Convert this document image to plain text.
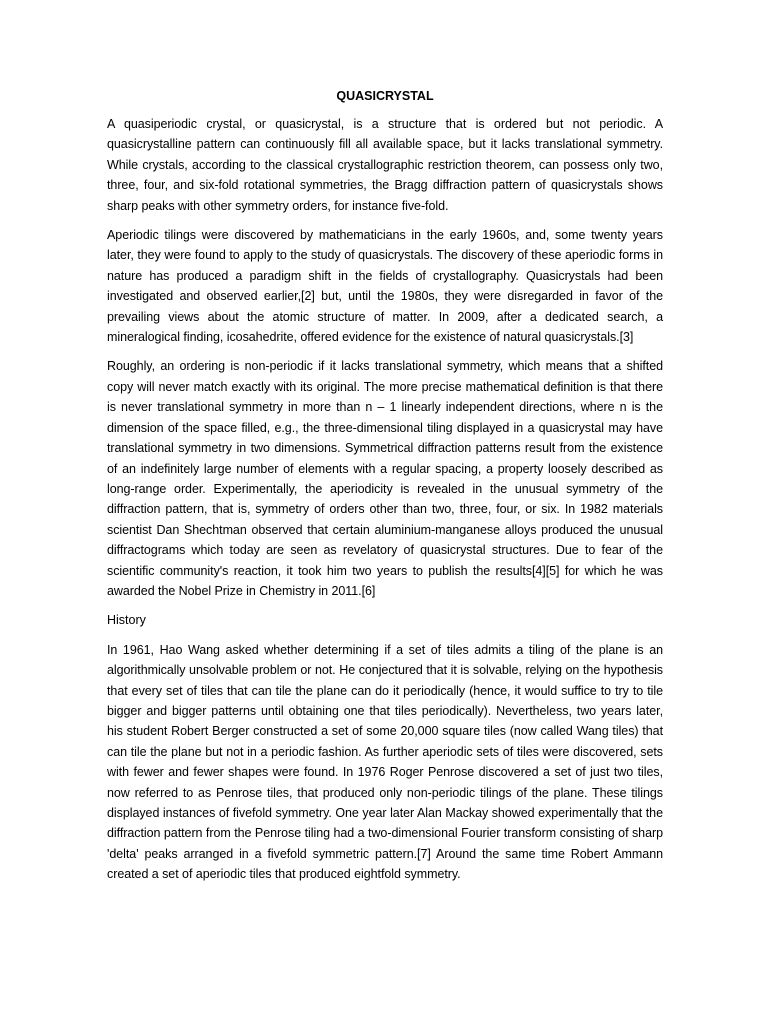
QUASICRYSTAL

A quasiperiodic crystal, or quasicrystal, is a structure that is ordered but not periodic. A quasicrystalline pattern can continuously fill all available space, but it lacks translational symmetry. While crystals, according to the classical crystallographic restriction theorem, can possess only two, three, four, and six-fold rotational symmetries, the Bragg diffraction pattern of quasicrystals shows sharp peaks with other symmetry orders, for instance five-fold.

Aperiodic tilings were discovered by mathematicians in the early 1960s, and, some twenty years later, they were found to apply to the study of quasicrystals. The discovery of these aperiodic forms in nature has produced a paradigm shift in the fields of crystallography. Quasicrystals had been investigated and observed earlier,[2] but, until the 1980s, they were disregarded in favor of the prevailing views about the atomic structure of matter. In 2009, after a dedicated search, a mineralogical finding, icosahedrite, offered evidence for the existence of natural quasicrystals.[3]

Roughly, an ordering is non-periodic if it lacks translational symmetry, which means that a shifted copy will never match exactly with its original. The more precise mathematical definition is that there is never translational symmetry in more than n – 1 linearly independent directions, where n is the dimension of the space filled, e.g., the three-dimensional tiling displayed in a quasicrystal may have translational symmetry in two dimensions. Symmetrical diffraction patterns result from the existence of an indefinitely large number of elements with a regular spacing, a property loosely described as long-range order. Experimentally, the aperiodicity is revealed in the unusual symmetry of the diffraction pattern, that is, symmetry of orders other than two, three, four, or six. In 1982 materials scientist Dan Shechtman observed that certain aluminium-manganese alloys produced the unusual diffractograms which today are seen as revelatory of quasicrystal structures. Due to fear of the scientific community's reaction, it took him two years to publish the results[4][5] for which he was awarded the Nobel Prize in Chemistry in 2011.[6]

History

In 1961, Hao Wang asked whether determining if a set of tiles admits a tiling of the plane is an algorithmically unsolvable problem or not. He conjectured that it is solvable, relying on the hypothesis that every set of tiles that can tile the plane can do it periodically (hence, it would suffice to try to tile bigger and bigger patterns until obtaining one that tiles periodically). Nevertheless, two years later, his student Robert Berger constructed a set of some 20,000 square tiles (now called Wang tiles) that can tile the plane but not in a periodic fashion. As further aperiodic sets of tiles were discovered, sets with fewer and fewer shapes were found. In 1976 Roger Penrose discovered a set of just two tiles, now referred to as Penrose tiles, that produced only non-periodic tilings of the plane. These tilings displayed instances of fivefold symmetry. One year later Alan Mackay showed experimentally that the diffraction pattern from the Penrose tiling had a two-dimensional Fourier transform consisting of sharp 'delta' peaks arranged in a fivefold symmetric pattern.[7] Around the same time Robert Ammann created a set of aperiodic tiles that produced eightfold symmetry.
